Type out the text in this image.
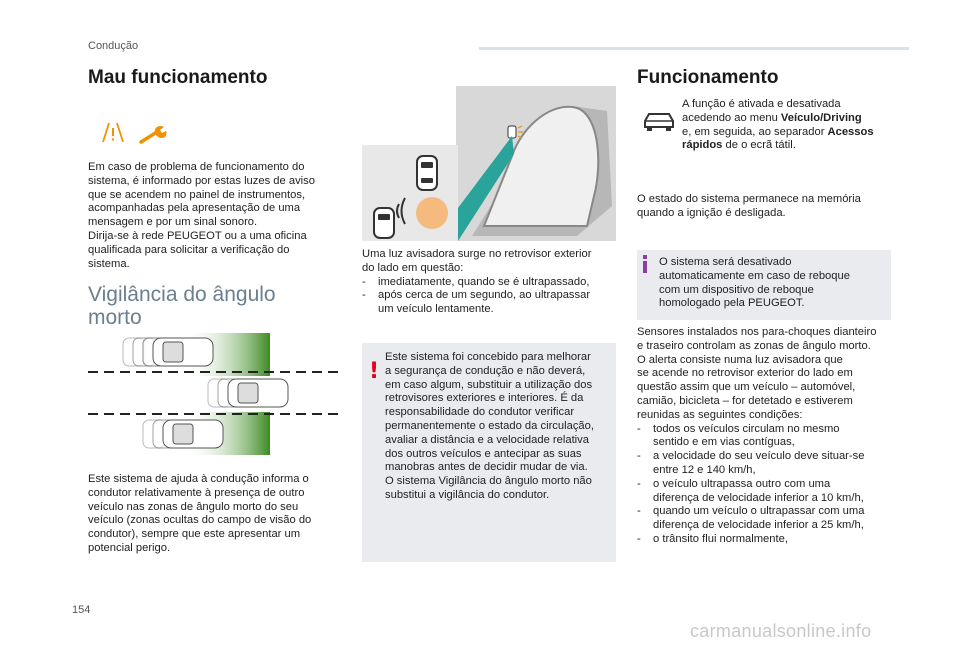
Condução
Mau funcionamento

Em caso de problema de funcionamento do

sistema, é informado por estas luzes de aviso

que se acendem no painel de instrumentos,

acompanhadas pela apresentação de uma

mensagem e por um sinal sonoro.

Dirija-se à rede PEUGEOT ou a uma oficina

qualificada para solicitar a verificação do

sistema.

Vigilância do ângulo
morto

Este sistema de ajuda à condução informa o

condutor relativamente à presença de outro

veículo nas zonas de ângulo morto do seu

veículo (zonas ocultas do campo de visão do

condutor), sempre que este apresentar um

potencial perigo.

Uma luz avisadora surge no retrovisor exterior

do lado em questão:

- imediatamente, quando se é ultrapassado,

- após cerca de um segundo, ao ultrapassar

um veículo lentamente.

!

Este sistema foi concebido para melhorar

a segurança de condução e não deverá,

em caso algum, substituir a utilização dos

retrovisores exteriores e interiores. É da

responsabilidade do condutor verificar

permanentemente o estado da circulação,

avaliar a distância e a velocidade relativa

dos outros veículos e antecipar as suas

manobras antes de decidir mudar de via.

O sistema Vigilância do ângulo morto não

substitui a vigilância do condutor.

Funcionamento

A função é ativada e desativada

acedendo ao menu Veículo/Driving

e, em seguida, ao separador Acessos

rápidos de o ecrã tátil.

O estado do sistema permanece na memória

quando a ignição é desligada.

O sistema será desativado

automaticamente em caso de reboque

com um dispositivo de reboque

homologado pela PEUGEOT.

Sensores instalados nos para-choques dianteiro

e traseiro controlam as zonas de ângulo morto.

O alerta consiste numa luz avisadora que

se acende no retrovisor exterior do lado em

questão assim que um veículo – automóvel,

camião, bicicleta – for detetado e estiverem

reunidas as seguintes condições:

- todos os veículos circulam no mesmo

sentido e em vias contíguas,

- a velocidade do seu veículo deve situar-se

entre 12 e 140 km/h,

- o veículo ultrapassa outro com uma

diferença de velocidade inferior a 10 km/h,

- quando um veículo o ultrapassar com uma

diferença de velocidade inferior a 25 km/h,

- o trânsito flui normalmente,

154
carmanualsonline.info
